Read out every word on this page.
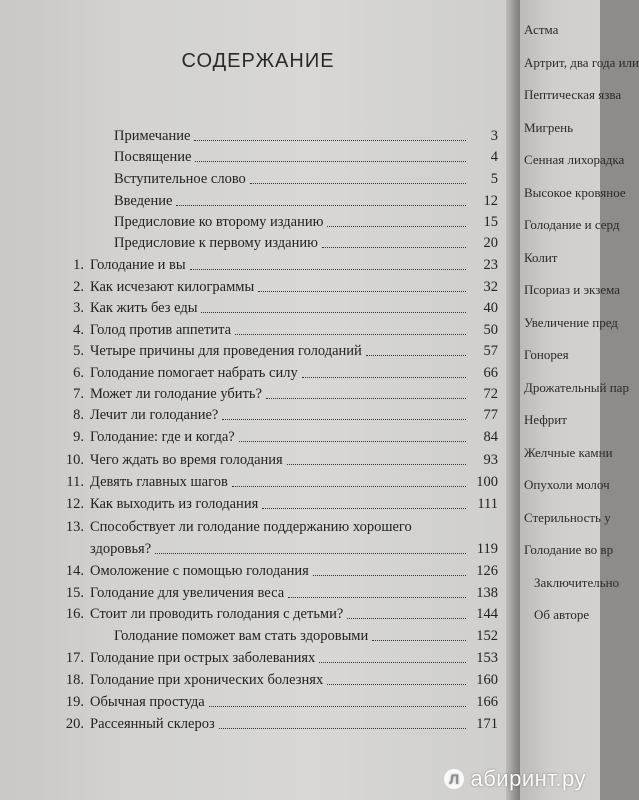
СОДЕРЖАНИЕ
Примечание	3
Посвящение	4
Вступительное слово	5
Введение	12
Предисловие ко второму изданию	15
Предисловие к первому изданию	20
1. Голодание и вы	23
2. Как исчезают килограммы	32
3. Как жить без еды	40
4. Голод против аппетита	50
5. Четыре причины для проведения голоданий	57
6. Голодание помогает набрать силу	66
7. Может ли голодание убить?	72
8. Лечит ли голодание?	77
9. Голодание: где и когда?	84
10. Чего ждать во время голодания	93
11. Девять главных шагов	100
12. Как выходить из голодания	111
13. Способствует ли голодание поддержанию хорошего
здоровья?	119
14. Омоложение с помощью голодания	126
15. Голодание для увеличения веса	138
16. Стоит ли проводить голодания с детьми?	144
Голодание поможет вам стать здоровыми	152
17. Голодание при острых заболеваниях	153
18. Голодание при хронических болезнях	160
19. Обычная простуда	166
20. Рассеянный склероз	171
Астма
Артрит, два года или
Пептическая язва
Мигрень
Сенная лихорадка
Высокое кровяное
Голодание и серд
Колит
Псориаз и экзема
Увеличение пред
Гонорея
Дрожательный пар
Нефрит
Желчные камни
Опухоли молоч
Стерильность у
Голодание во вр
Заключительно
Об авторе
Л абиринт.ру
